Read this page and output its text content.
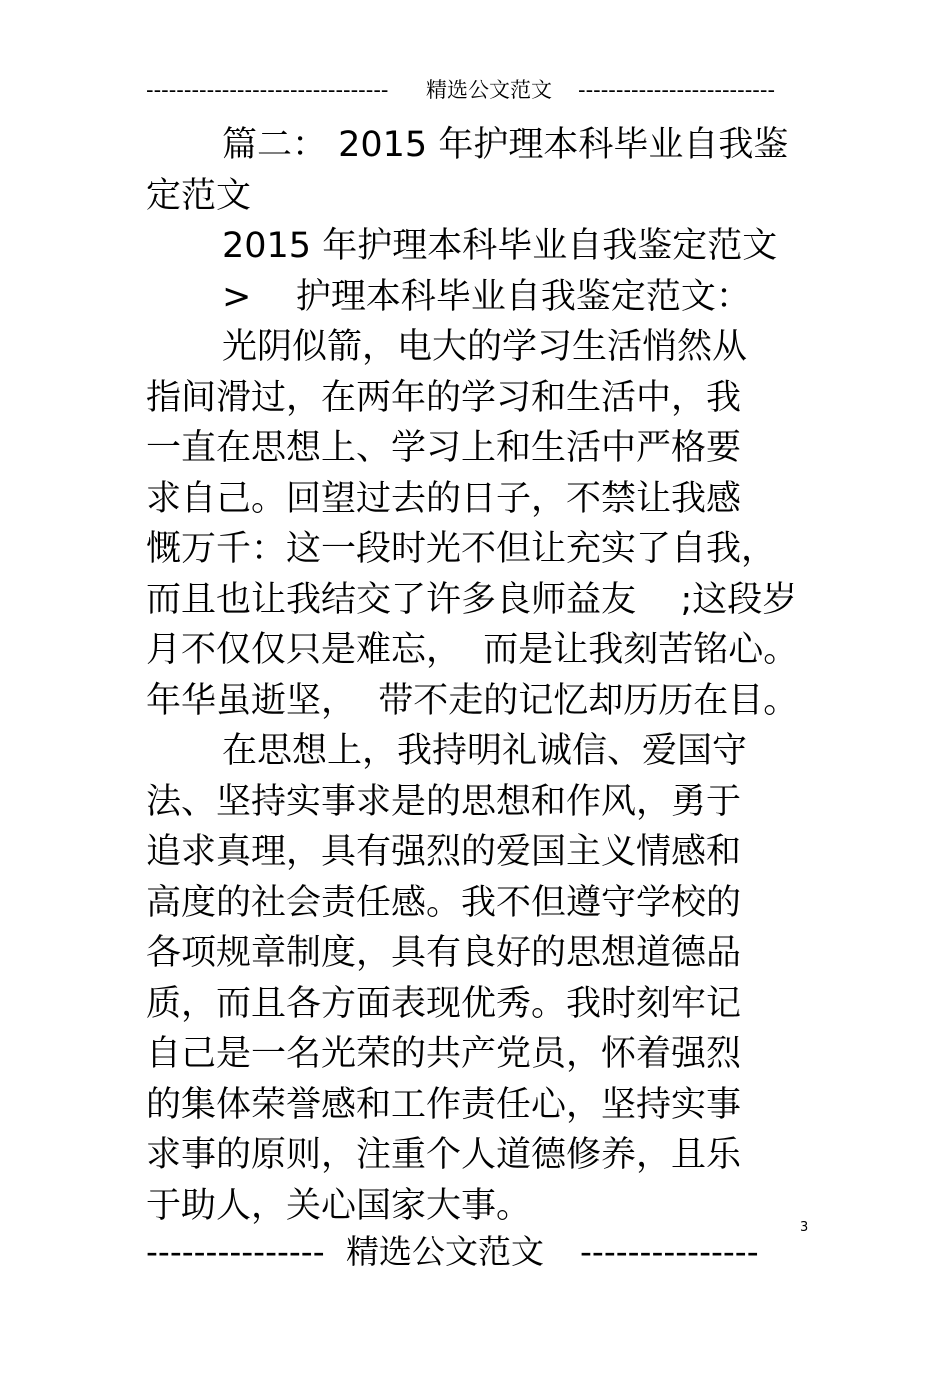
--------------------------------

精选公文范文

--------------------------

篇二： 2015 年护理本科毕业自我鉴
定范文
2015 年护理本科毕业自我鉴定范文
>    护理本科毕业自我鉴定范文：
光阴似箭，电大的学习生活悄然从
指间滑过，在两年的学习和生活中，我
一直在思想上、学习上和生活中严格要
求自己。回望过去的日子，不禁让我感
慨万千：这一段时光不但让充实了自我，
而且也让我结交了许多良师益友    ;这段岁
月不仅仅只是难忘，  而是让我刻苦铭心。
年华虽逝坚，  带不走的记忆却历历在目。
在思想上，我持明礼诚信、爱国守
法、坚持实事求是的思想和作风，勇于
追求真理，具有强烈的爱国主义情感和
高度的社会责任感。我不但遵守学校的
各项规章制度，具有良好的思想道德品
质，而且各方面表现优秀。我时刻牢记
自己是一名光荣的共产党员，怀着强烈
的集体荣誉感和工作责任心，坚持实事
求事的原则，注重个人道德修养，且乐
于助人，关心国家大事。
3

---------------

精选公文范文

---------------
